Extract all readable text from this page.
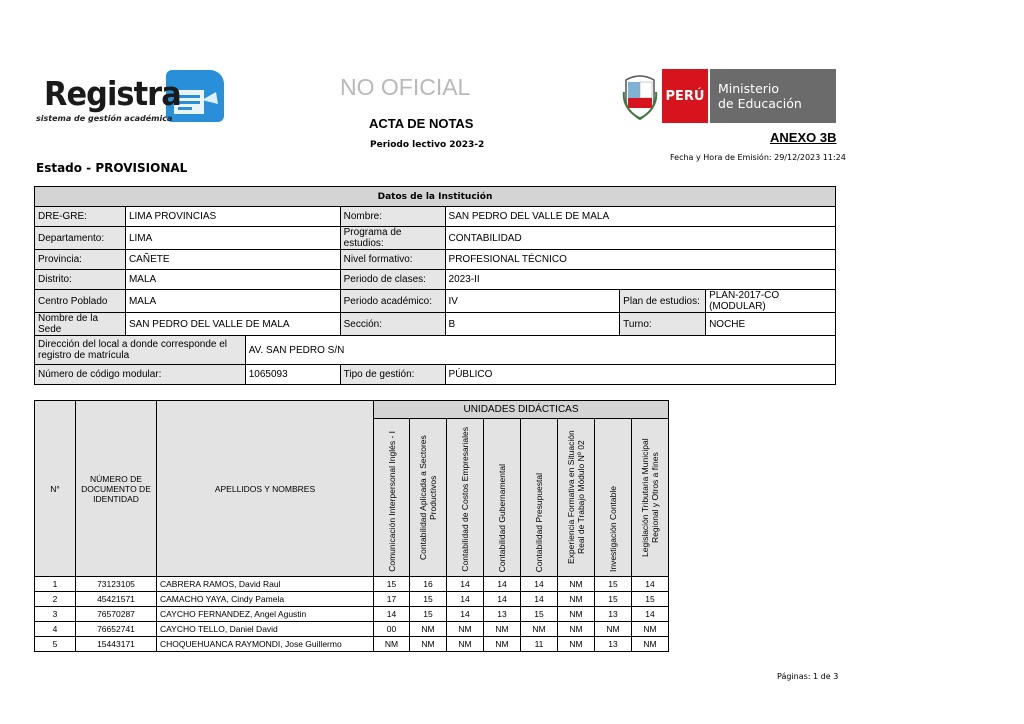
Registra
sistema de gestión académica
NO OFICIAL
ACTA DE NOTAS
Periodo lectivo 2023-2
Estado - PROVISIONAL
PERÚ Ministerio
de Educación
ANEXO 3B
Fecha y Hora de Emisión: 29/12/2023 11:24
Datos de la Institución						
DRE-GRE:	LIMA PROVINCIAS		Nombre:	SAN PEDRO DEL VALLE DE MALA		
Departamento:	LIMA		Programa de estudios:	CONTABILIDAD		
Provincia:	CAÑETE		Nivel formativo:	PROFESIONAL TÉCNICO		
Distrito:	MALA		Periodo de clases:	2023-II		
Centro Poblado	MALA		Periodo académico:	IV	Plan de estudios:	PLAN-2017-CO (MODULAR)
Nombre de la Sede	SAN PEDRO DEL VALLE DE MALA		Sección:	B	Turno:	NOCHE
Dirección del local a donde corresponde el registro de matrícula		AV. SAN PEDRO S/N				
Número de código modular:		1065093	Tipo de gestión:	PÚBLICO		
N°	NÚMERO DE DOCUMENTO DE IDENTIDAD	APELLIDOS Y NOMBRES	UNIDADES DIDÁCTICAS							

			Comunicación Interpersonal Inglés - I	Contabilidad Aplicada a Sectores Productivos	Contabilidad de Costos Empresariales	Contabilidad Gubernamental	Contabilidad Presupuestal	Experiencia Formativa en Situación Real de Trabajo Módulo Nº 02	Investigación Contable	Legislación Tributaria Municipal Regional y Otros a fines

1	73123105	CABRERA RAMOS, David Raul	15	16	14	14	14	NM	15	14
2	45421571	CAMACHO YAYA, Cindy Pamela	17	15	14	14	14	NM	15	15
3	76570287	CAYCHO FERNANDEZ, Angel Agustin	14	15	14	13	15	NM	13	14
4	76652741	CAYCHO TELLO, Daniel David	00	NM	NM	NM	NM	NM	NM	NM
5	15443171	CHOQUEHUANCA RAYMONDI, Jose Guillermo	NM	NM	NM	NM	11	NM	13	NM
Páginas: 1 de 3
